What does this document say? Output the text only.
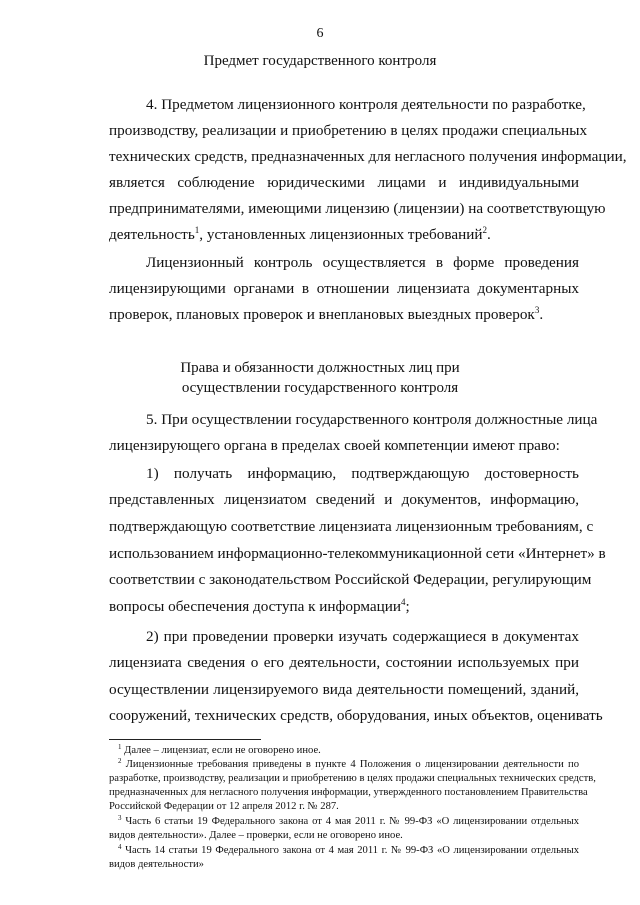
6
Предмет государственного контроля
4. Предметом лицензионного контроля деятельности по разработке,
производству, реализации и приобретению в целях продажи специальных
технических средств, предназначенных для негласного получения информации,
является соблюдение юридическими лицами и индивидуальными
предпринимателями, имеющими лицензию (лицензии) на соответствующую
деятельность$^1$, установленных лицензионных требований$^2$.
Лицензионный контроль осуществляется в форме проведения
лицензирующими органами в отношении лицензиата документарных
проверок, плановых проверок и внеплановых выездных проверок$^3$.
Права и обязанности должностных лиц при
осуществлении государственного контроля
5. При осуществлении государственного контроля должностные лица
лицензирующего органа в пределах своей компетенции имеют право:
1) получать информацию, подтверждающую достоверность
представленных лицензиатом сведений и документов, информацию,
подтверждающую соответствие лицензиата лицензионным требованиям, с
использованием информационно-телекоммуникационной сети «Интернет» в
соответствии с законодательством Российской Федерации, регулирующим
вопросы обеспечения доступа к информации$^4$;
2) при проведении проверки изучать содержащиеся в документах
лицензиата сведения о его деятельности, состоянии используемых при
осуществлении лицензируемого вида деятельности помещений, зданий,
сооружений, технических средств, оборудования, иных объектов, оценивать
$^1$ Далее – лицензиат, если не оговорено иное.
$^2$ Лицензионные требования приведены в пункте 4 Положения о лицензировании деятельности по
разработке, производству, реализации и приобретению в целях продажи специальных технических средств,
предназначенных для негласного получения информации, утвержденного постановлением Правительства
Российской Федерации от 12 апреля 2012 г. № 287.
$^3$ Часть 6 статьи 19 Федерального закона от 4 мая 2011 г. № 99-ФЗ «О лицензировании отдельных
видов деятельности». Далее – проверки, если не оговорено иное.
$^4$ Часть 14 статьи 19 Федерального закона от 4 мая 2011 г. № 99-ФЗ «О лицензировании отдельных
видов деятельности»
